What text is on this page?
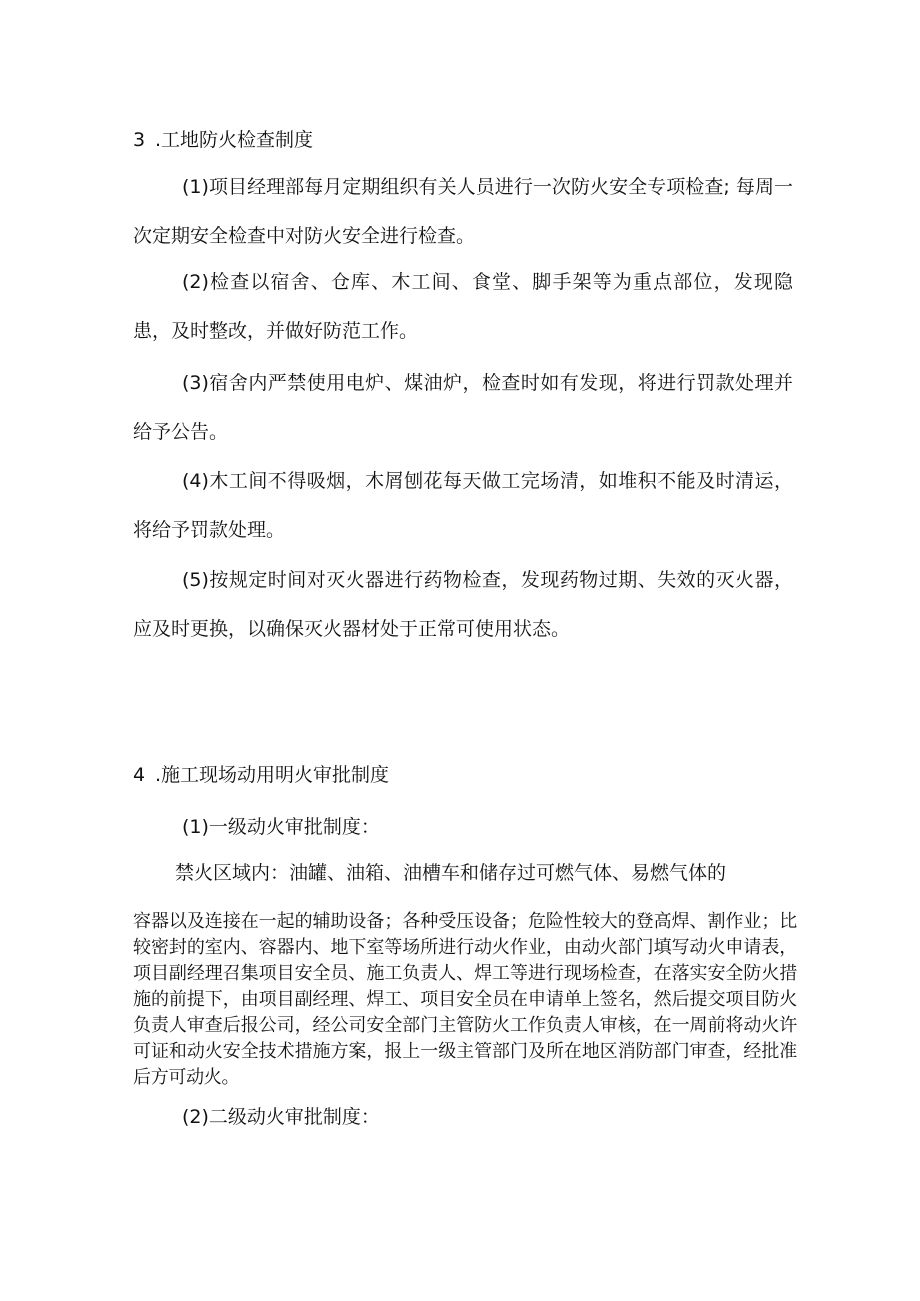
3 .工地防火检查制度

(1)项目经理部每月定期组织有关人员进行一次防火安全专项检查; 每周一次定期安全检查中对防火安全进行检查。

(2)检查以宿舍、仓库、木工间、食堂、脚手架等为重点部位，发现隐患，及时整改，并做好防范工作。

(3)宿舍内严禁使用电炉、煤油炉，检查时如有发现，将进行罚款处理并给予公告。

(4)木工间不得吸烟，木屑刨花每天做工完场清，如堆积不能及时清运，将给予罚款处理。

(5)按规定时间对灭火器进行药物检查，发现药物过期、失效的灭火器，应及时更换，以确保灭火器材处于正常可使用状态。

4 .施工现场动用明火审批制度
(1)一级动火审批制度：
禁火区域内：油罐、油箱、油槽车和储存过可燃气体、易燃气体的

容器以及连接在一起的辅助设备；各种受压设备；危险性较大的登高焊、割作业；比较密封的室内、容器内、地下室等场所进行动火作业，由动火部门填写动火申请表，项目副经理召集项目安全员、施工负责人、焊工等进行现场检查，在落实安全防火措施的前提下，由项目副经理、焊工、项目安全员在申请单上签名，然后提交项目防火负责人审查后报公司，经公司安全部门主管防火工作负责人审核，在一周前将动火许可证和动火安全技术措施方案，报上一级主管部门及所在地区消防部门审查，经批准后方可动火。

(2)二级动火审批制度：
